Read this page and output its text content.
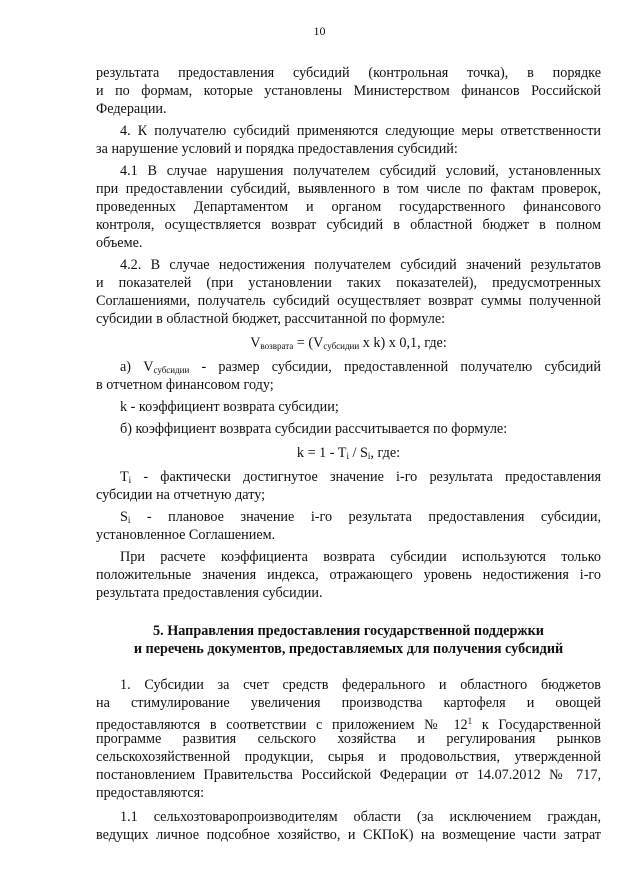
10
результата предоставления субсидий (контрольная точка), в порядке
и по формам, которые установлены Министерством финансов Российской
Федерации.
4. К получателю субсидий применяются следующие меры ответственности
за нарушение условий и порядка предоставления субсидий:
4.1 В случае нарушения получателем субсидий условий, установленных
при предоставлении субсидий, выявленного в том числе по фактам проверок,
проведенных Департаментом и органом государственного финансового
контроля, осуществляется возврат субсидий в областной бюджет в полном
объеме.
4.2. В случае недостижения получателем субсидий значений результатов
и показателей (при установлении таких показателей), предусмотренных
Соглашениями, получатель субсидий осуществляет возврат суммы полученной
субсидии в областной бюджет, рассчитанной по формуле:
$V_{возврата} = (V_{субсидии}$ x k) x 0,1, где:
а) $V_{субсидии}$ - размер субсидии, предоставленной получателю субсидий
в отчетном финансовом году;
k - коэффициент возврата субсидии;
б) коэффициент возврата субсидии рассчитывается по формуле:
$k = 1 - T_i / S_i$, где:
$T_i$ - фактически достигнутое значение i-го результата предоставления
субсидии на отчетную дату;
$S_i$ - плановое значение i-го результата предоставления субсидии,
установленное Соглашением.
При расчете коэффициента возврата субсидии используются только
положительные значения индекса, отражающего уровень недостижения i-го
результата предоставления субсидии.
5. Направления предоставления государственной поддержки
и перечень документов, предоставляемых для получения субсидий
1. Субсидии за счет средств федерального и областного бюджетов
на стимулирование увеличения производства картофеля и овощей
предоставляются в соответствии с приложением № $12^1$ к Государственной
программе развития сельского хозяйства и регулирования рынков
сельскохозяйственной продукции, сырья и продовольствия, утвержденной
постановлением Правительства Российской Федерации от 14.07.2012 № 717,
предоставляются:
1.1 сельхозтоваропроизводителям области (за исключением граждан,
ведущих личное подсобное хозяйство, и СКПоК) на возмещение части затрат
